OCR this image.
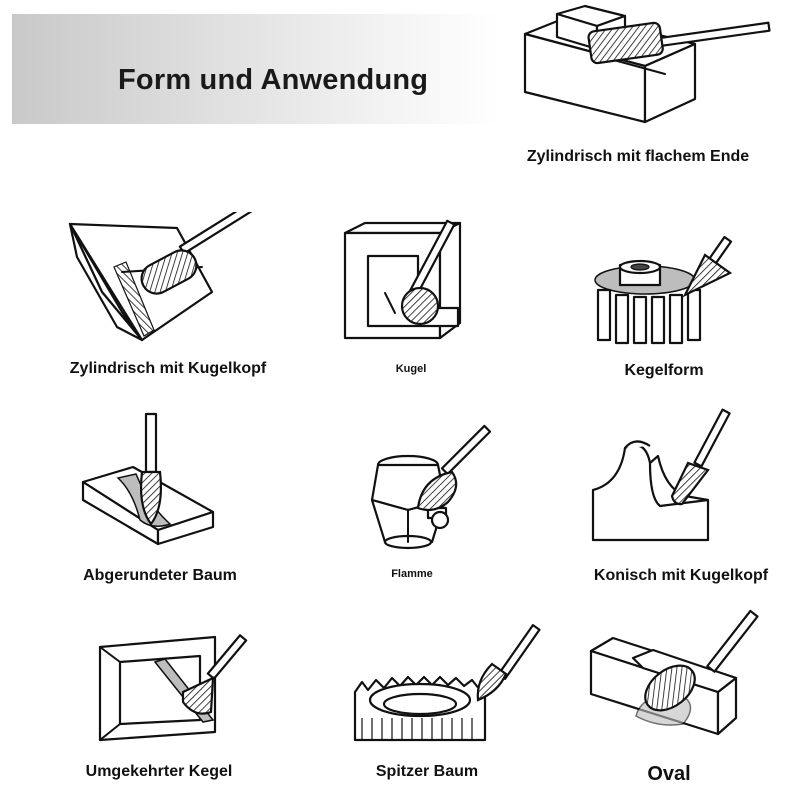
Form und Anwendung
Zylindrisch mit flachem Ende
Zylindrisch mit Kugelkopf	Kugel	Kegelform
Abgerundeter Baum	Flamme	Konisch mit Kugelkopf
Umgekehrter Kegel	Spitzer Baum	Oval
